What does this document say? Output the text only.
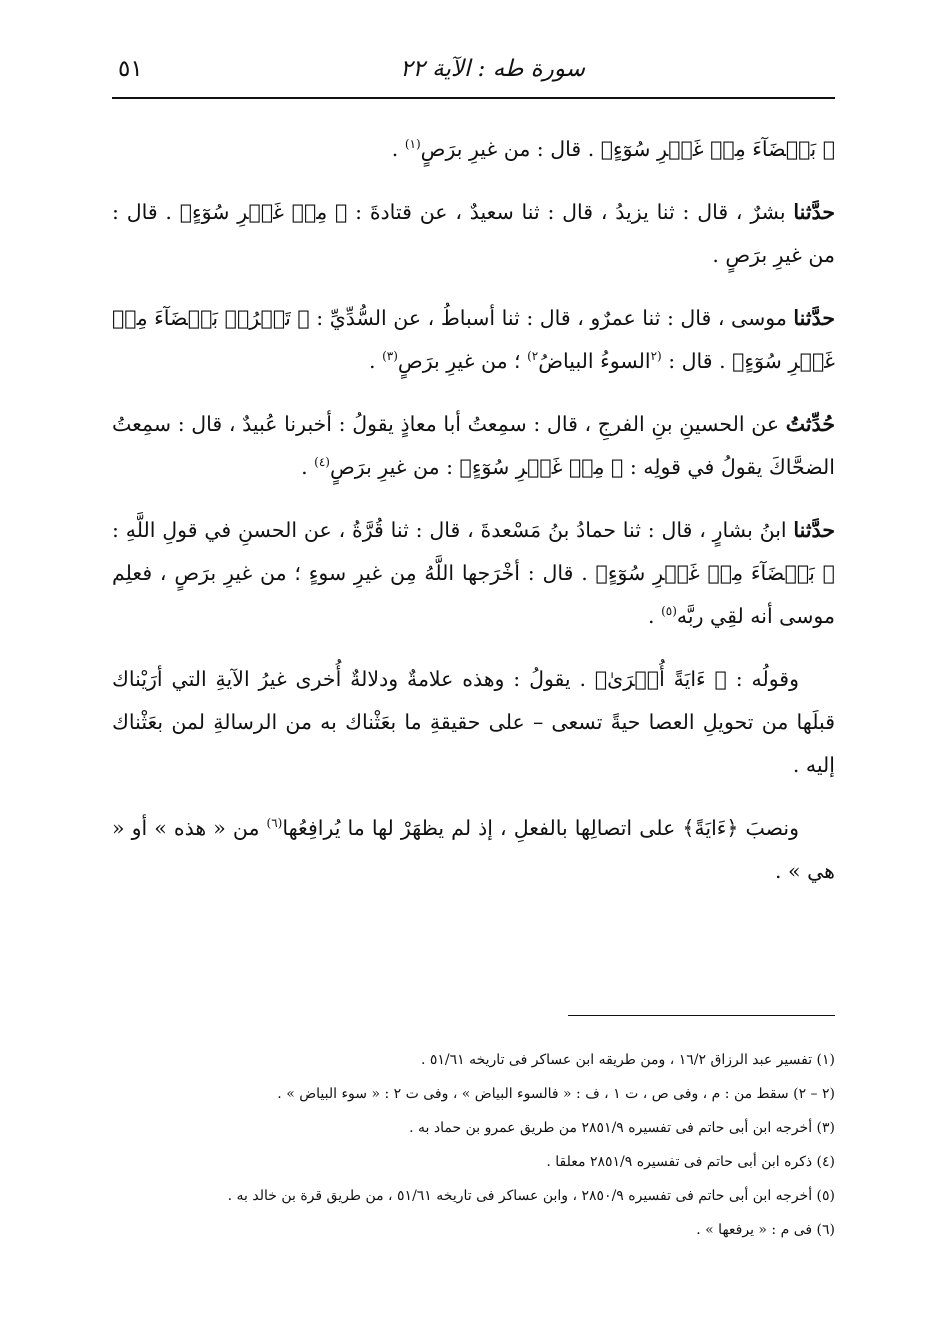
سورة طه : الآية ٢٢
٥١

﴿ بَيۡضَآءَ مِنۡ غَيۡرِ سُوٓءٍ﴾ . قال : من غيرِ برَصٍ$^{(١)}$ .

حدَّثنا بشرٌ ، قال : ثنا يزيدُ ، قال : ثنا سعيدٌ ، عن قتادةَ : ﴿ مِنۡ غَيۡرِ سُوٓءٍ﴾ . قال : من غيرِ برَصٍ .

حدَّثنا موسى ، قال : ثنا عمرٌو ، قال : ثنا أسباطُ ، عن السُّدِّيِّ : ﴿ تَخۡرُجۡ بَيۡضَآءَ مِنۡ غَيۡرِ سُوٓءٍ﴾ . قال : $^{(٢}$السوءُ البياضُ$^{٢)}$ ؛ من غيرِ برَصٍ$^{(٣)}$ .

حُدِّثتُ عن الحسينِ بنِ الفرجِ ، قال : سمِعتُ أبا معاذٍ يقولُ : أخبرنا عُبيدٌ ، قال : سمِعتُ الضحَّاكَ يقولُ في قولِه : ﴿ مِنۡ غَيۡرِ سُوٓءٍ﴾ : من غيرِ برَصٍ$^{(٤)}$ .

حدَّثنا ابنُ بشارٍ ، قال : ثنا حمادُ بنُ مَسْعدةَ ، قال : ثنا قُرَّةُ ، عن الحسنِ في قولِ اللَّهِ : ﴿ بَيۡضَآءَ مِنۡ غَيۡرِ سُوٓءٍ﴾ . قال : أخْرَجها اللَّهُ مِن غيرِ سوءٍ ؛ من غيرِ برَصٍ ، فعلِم موسى أنه لقِي ربَّه$^{(٥)}$ .

وقولُه : ﴿ ءَايَةً أُخۡرَىٰ﴾ . يقولُ : وهذه علامةٌ ودلالةٌ أُخرى غيرُ الآيةِ التي أرَيْناك قبلَها من تحويلِ العصا حيةً تسعى – على حقيقةِ ما بعَثْناك به من الرسالةِ لمن بعَثْناك إليه .

ونصبَ ﴿ءَايَةً﴾ على اتصالِها بالفعلِ ، إذ لم يظهَرْ لها ما يُرافِعُها$^{(٦)}$ من « هذه » أو « هي » .

(١) تفسير عبد الرزاق ١٦/٢ ، ومن طريقه ابن عساكر فى تاريخه ٥١/٦١ .

(٢ – ٢) سقط من : م ، وفى ص ، ت ١ ، ف : « فالسوء البياض » ، وفى ت ٢ : « سوء البياض » .

(٣) أخرجه ابن أبى حاتم فى تفسيره ٢٨٥١/٩ من طريق عمرو بن حماد به .

(٤) ذكره ابن أبى حاتم فى تفسيره ٢٨٥١/٩ معلقا .

(٥) أخرجه ابن أبى حاتم فى تفسيره ٢٨٥٠/٩ ، وابن عساكر فى تاريخه ٥١/٦١ ، من طريق قرة بن خالد به .

(٦) فى م : « يرفعها » .
